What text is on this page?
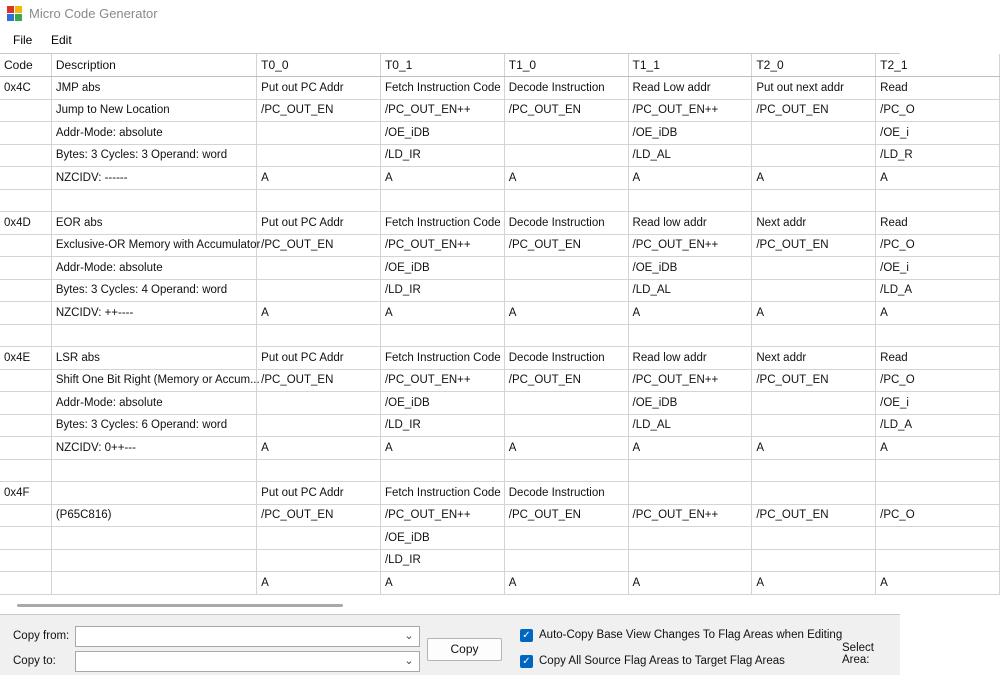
Micro Code Generator
File Edit
Code	Description	T0_0	T0_1	T1_0	T1_1	T2_0	T2_1
0x4C	JMP abs	Put out PC Addr	Fetch Instruction Code	Decode Instruction	Read Low addr	Put out next addr	Read
	Jump to New Location	/PC_OUT_EN	/PC_OUT_EN++	/PC_OUT_EN	/PC_OUT_EN++	/PC_OUT_EN	/PC_O
	Addr-Mode: absolute		/OE_iDB		/OE_iDB		/OE_i
	Bytes: 3 Cycles: 3 Operand: word		/LD_IR		/LD_AL		/LD_R
	NZCIDV: ------	A	A	A	A	A	A

0x4D	EOR abs	Put out PC Addr	Fetch Instruction Code	Decode Instruction	Read low addr	Next addr	Read
	Exclusive-OR Memory with Accumulator	/PC_OUT_EN	/PC_OUT_EN++	/PC_OUT_EN	/PC_OUT_EN++	/PC_OUT_EN	/PC_O
	Addr-Mode: absolute		/OE_iDB		/OE_iDB		/OE_i
	Bytes: 3 Cycles: 4 Operand: word		/LD_IR		/LD_AL		/LD_A
	NZCIDV: ++----	A	A	A	A	A	A

0x4E	LSR abs	Put out PC Addr	Fetch Instruction Code	Decode Instruction	Read low addr	Next addr	Read
	Shift One Bit Right (Memory or Accum...	/PC_OUT_EN	/PC_OUT_EN++	/PC_OUT_EN	/PC_OUT_EN++	/PC_OUT_EN	/PC_O
	Addr-Mode: absolute		/OE_iDB		/OE_iDB		/OE_i
	Bytes: 3 Cycles: 6 Operand: word		/LD_IR		/LD_AL		/LD_A
	NZCIDV: 0++---	A	A	A	A	A	A

0x4F		Put out PC Addr	Fetch Instruction Code	Decode Instruction			
	(P65C816)	/PC_OUT_EN	/PC_OUT_EN++	/PC_OUT_EN	/PC_OUT_EN++	/PC_OUT_EN	/PC_O
			/OE_iDB				
			/LD_IR				
		A	A	A	A	A	A
Copy from:	⌄
Copy to:	⌄
Copy
✓ Auto-Copy Base View Changes To Flag Areas when Editing
✓ Copy All Source Flag Areas to Target Flag Areas
Select Area:
